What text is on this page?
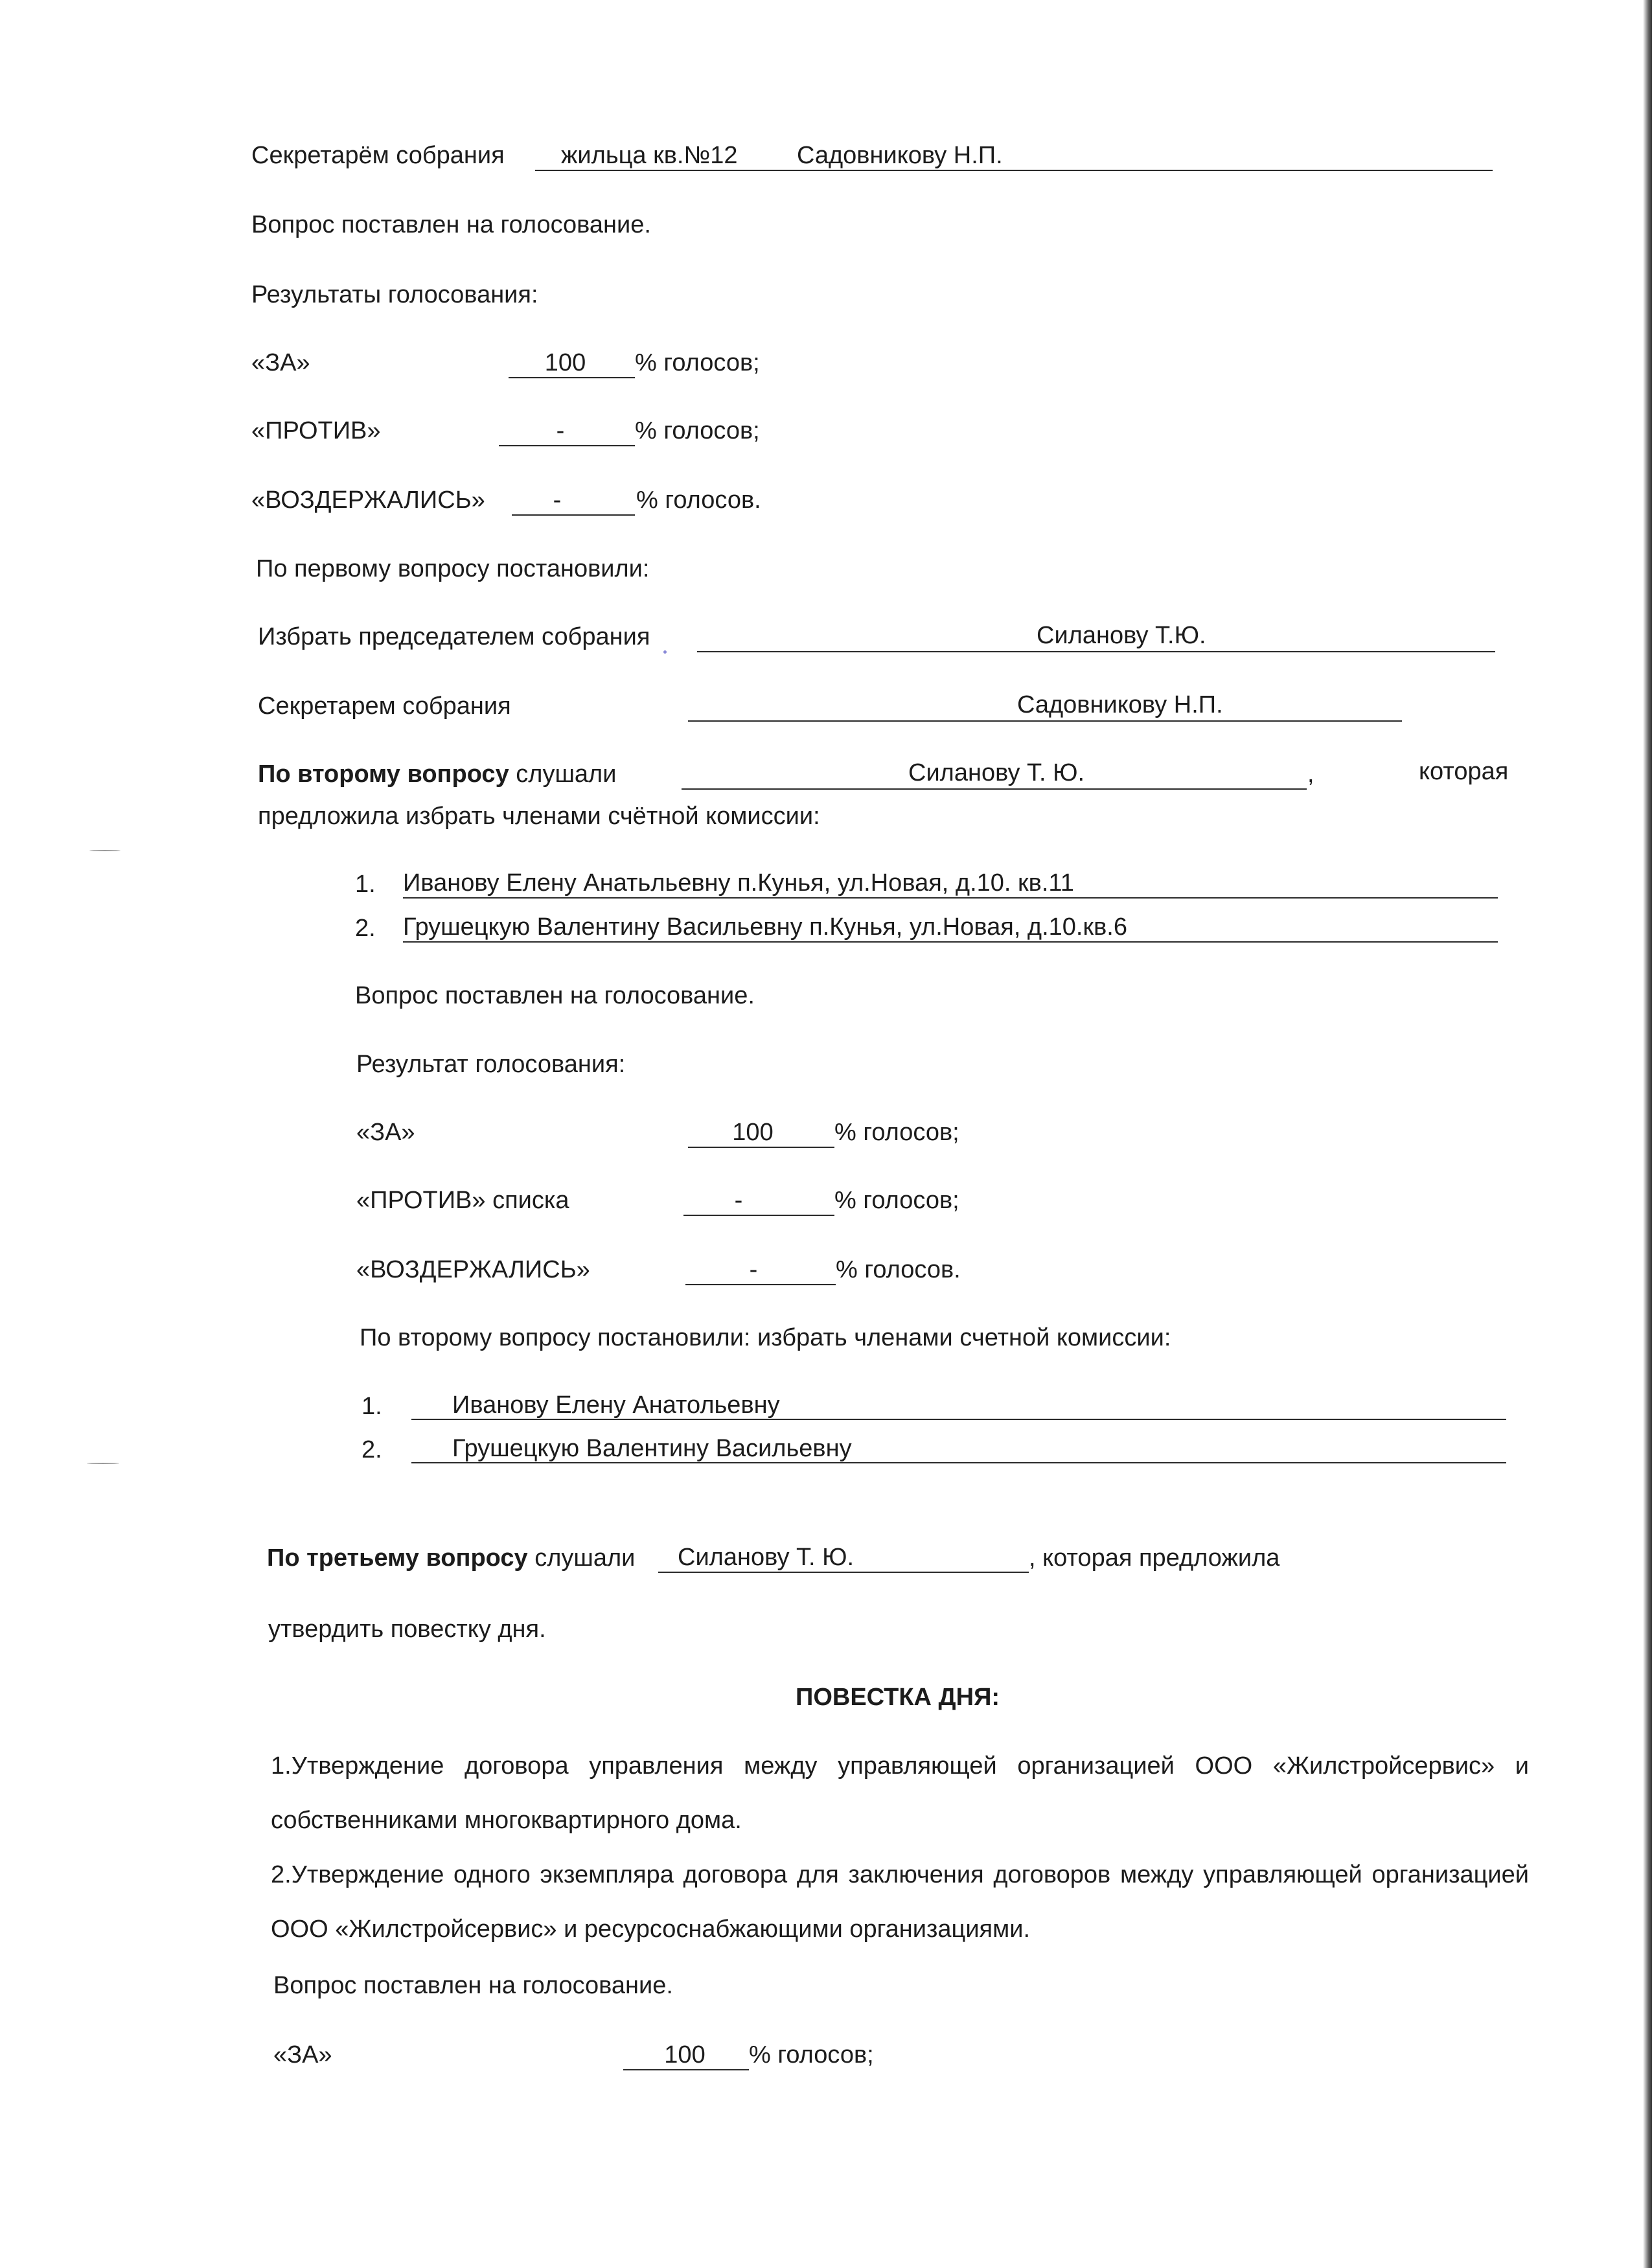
Секретарём собрания жильца кв.№12 Садовникову Н.П.
Вопрос поставлен на голосование.
Результаты голосования:
«ЗА»	100	% голосов;
«ПРОТИВ»	-	% голосов;
«ВОЗДЕРЖАЛИСЬ»	-	% голосов.
По первому вопросу постановили:
Избрать председателем собрания	Силанову Т.Ю.
Секретарем собрания	Садовникову Н.П.
По второму вопросу слушали	Силанову Т. Ю.	,	которая
предложила избрать членами счётной комиссии:
1. Иванову Елену Анатьльевну п.Кунья, ул.Новая, д.10. кв.11
2. Грушецкую Валентину Васильевну п.Кунья, ул.Новая, д.10.кв.6
Вопрос поставлен на голосование.
Результат голосования:
«ЗА»	100	% голосов;
«ПРОТИВ» списка	-	% голосов;
«ВОЗДЕРЖАЛИСЬ»	-	% голосов.
По второму вопросу постановили: избрать членами счетной комиссии:
1.	Иванову Елену Анатольевну
2.	Грушецкую Валентину Васильевну
По третьему вопросу слушали Силанову Т. Ю.	, которая предложила
утвердить повестку дня.
ПОВЕСТКА ДНЯ:
1.Утверждение договора управления между управляющей организацией ООО «Жилстройсервис» и собственниками многоквартирного дома.
2.Утверждение одного экземпляра договора для заключения договоров между управляющей организацией ООО «Жилстройсервис» и ресурсоснабжающими организациями.
Вопрос поставлен на голосование.
«ЗА»	100	% голосов;
